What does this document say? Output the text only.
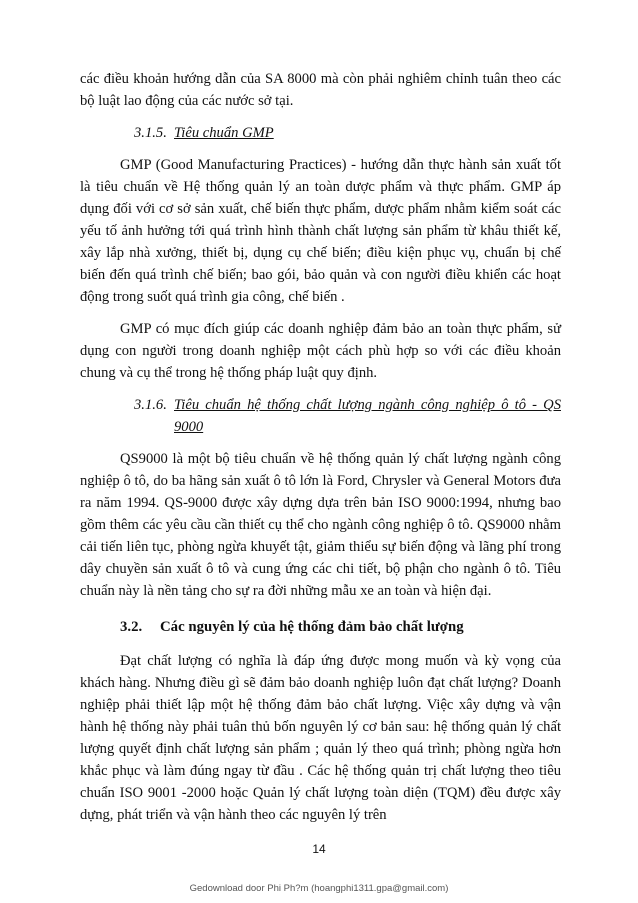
các điều khoản hướng dẫn của SA 8000 mà còn phải nghiêm chỉnh tuân theo các bộ luật lao động của các nước sở tại.

3.1.5. Tiêu chuẩn GMP

GMP (Good Manufacturing Practices) - hướng dẫn thực hành sản xuất tốt là tiêu chuẩn về Hệ thống quản lý an toàn dược phẩm và thực phẩm. GMP áp dụng đối với cơ sở sản xuất, chế biến thực phẩm, dược phẩm nhằm kiểm soát các yếu tố ảnh hưởng tới quá trình hình thành chất lượng sản phẩm từ khâu thiết kế, xây lắp nhà xưởng, thiết bị, dụng cụ chế biến; điều kiện phục vụ, chuẩn bị chế biến đến quá trình chế biến; bao gói, bảo quản và con người điều khiển các hoạt động trong suốt quá trình gia công, chế biến .

GMP có mục đích giúp các doanh nghiệp đảm bảo an toàn thực phẩm, sử dụng con người trong doanh nghiệp một cách phù hợp so với các điều khoản chung và cụ thể trong hệ thống pháp luật quy định.

3.1.6. Tiêu chuẩn hệ thống chất lượng ngành công nghiệp ô tô - QS 9000

QS9000 là một bộ tiêu chuẩn về hệ thống quản lý chất lượng ngành công nghiệp ô tô, do ba hãng sản xuất ô tô lớn là Ford, Chrysler và General Motors đưa ra năm 1994. QS-9000 được xây dựng dựa trên bản ISO 9000:1994, nhưng bao gồm thêm các yêu cầu cần thiết cụ thể cho ngành công nghiệp ô tô. QS9000 nhằm cải tiến liên tục, phòng ngừa khuyết tật, giảm thiểu sự biến động và lãng phí trong dây chuyền sản xuất ô tô và cung ứng các chi tiết, bộ phận cho ngành ô tô. Tiêu chuẩn này là nền tảng cho sự ra đời những mẫu xe an toàn và hiện đại.

3.2. Các nguyên lý của hệ thống đảm bảo chất lượng

Đạt chất lượng có nghĩa là đáp ứng được mong muốn và kỳ vọng của khách hàng. Nhưng điều gì sẽ đảm bảo doanh nghiệp luôn đạt chất lượng? Doanh nghiệp phải thiết lập một hệ thống đảm bảo chất lượng. Việc xây dựng và vận hành hệ thống này phải tuân thủ bốn nguyên lý cơ bản sau: hệ thống quản lý chất lượng quyết định chất lượng sản phẩm ; quản lý theo quá trình; phòng ngừa hơn khắc phục và làm đúng ngay từ đầu . Các hệ thống quản trị chất lượng theo tiêu chuẩn ISO 9001 -2000 hoặc Quản lý chất lượng toàn diện (TQM) đều được xây dựng, phát triển và vận hành theo các nguyên lý trên

14
Gedownload door Phi Ph?m (hoangphi1311.gpa@gmail.com)
